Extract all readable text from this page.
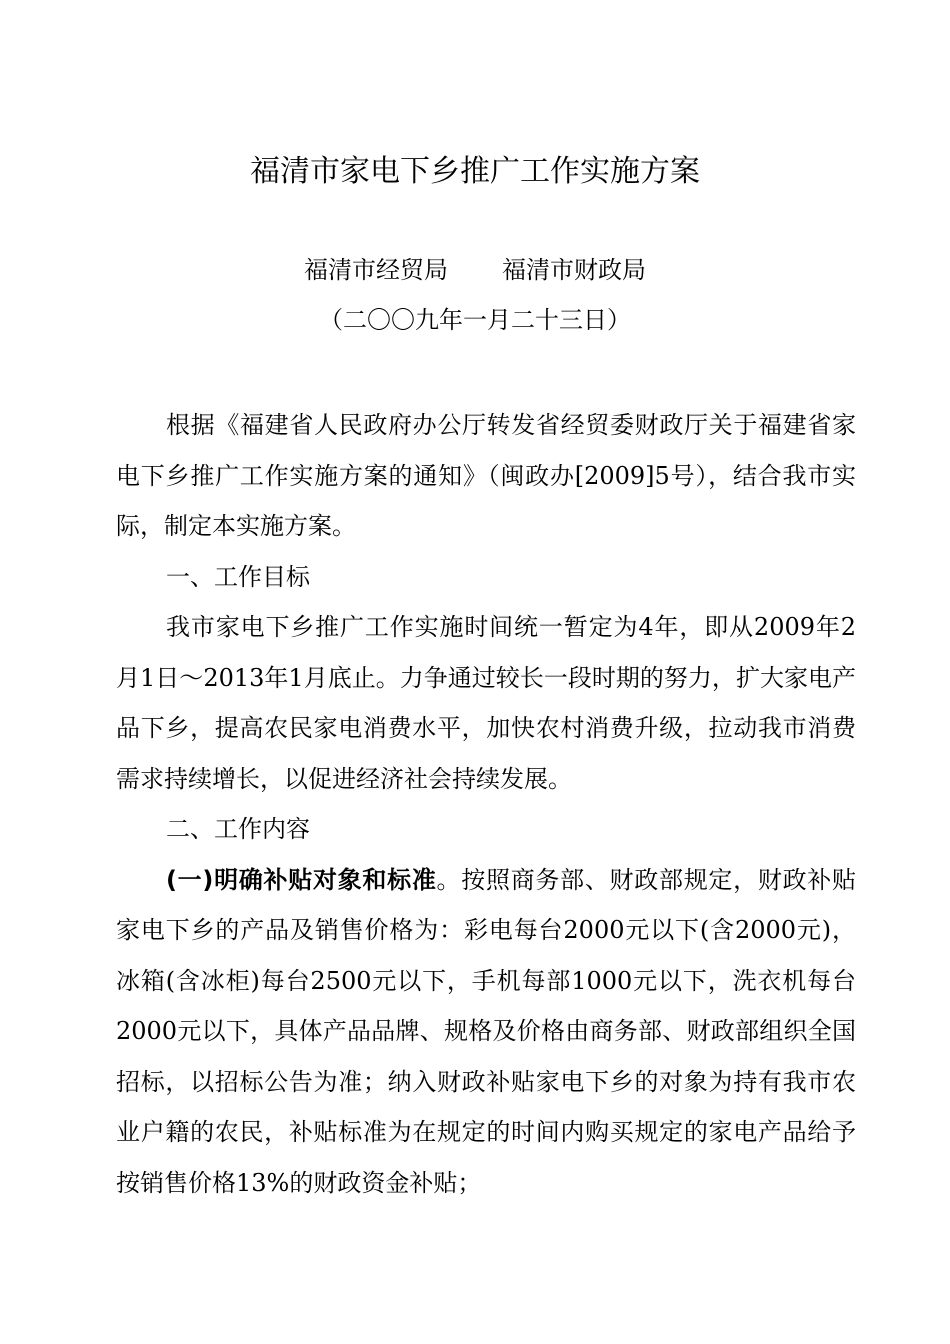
福清市家电下乡推广工作实施方案
福清市经贸局 福清市财政局
（二〇〇九年一月二十三日）

根据《福建省人民政府办公厅转发省经贸委财政厅关于福建省家电下乡推广工作实施方案的通知》（闽政办[2009]5号），结合我市实际，制定本实施方案。

一、工作目标

我市家电下乡推广工作实施时间统一暂定为4年，即从2009年2月1日～2013年1月底止。力争通过较长一段时期的努力，扩大家电产品下乡，提高农民家电消费水平，加快农村消费升级，拉动我市消费需求持续增长，以促进经济社会持续发展。

二、工作内容

(一)明确补贴对象和标准。按照商务部、财政部规定，财政补贴家电下乡的产品及销售价格为：彩电每台2000元以下(含2000元)，冰箱(含冰柜)每台2500元以下，手机每部1000元以下，洗衣机每台2000元以下，具体产品品牌、规格及价格由商务部、财政部组织全国招标，以招标公告为准；纳入财政补贴家电下乡的对象为持有我市农业户籍的农民，补贴标准为在规定的时间内购买规定的家电产品给予按销售价格13%的财政资金补贴；
